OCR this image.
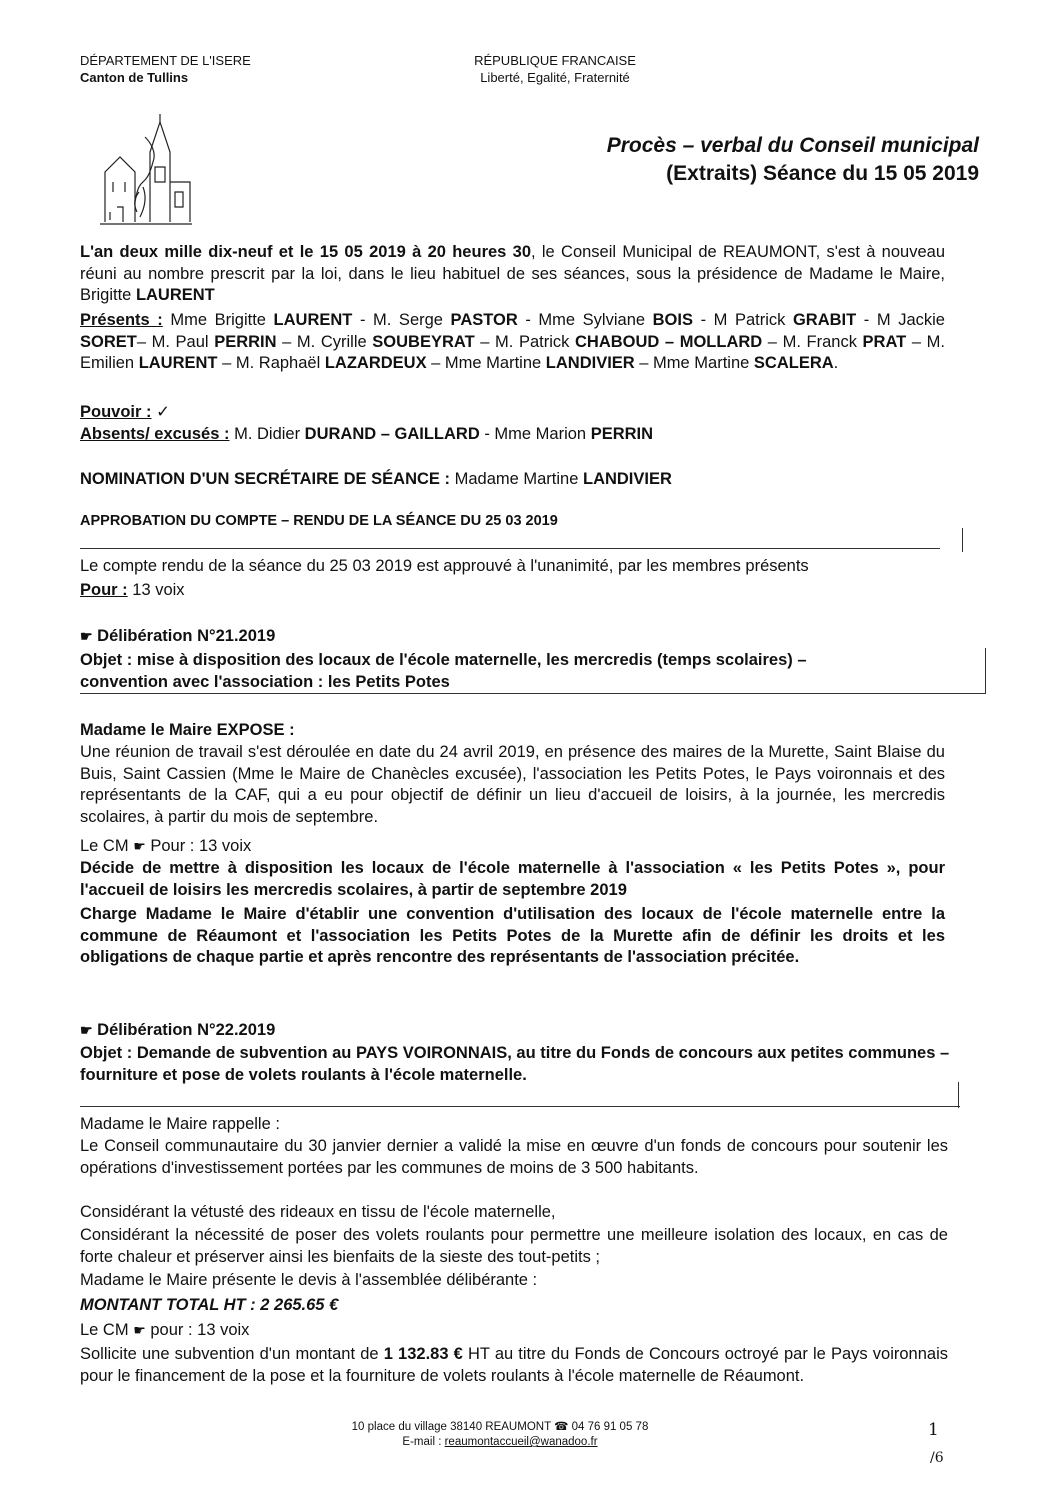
DÉPARTEMENT DE L'ISERE
Canton de Tullins
RÉPUBLIQUE FRANCAISE
Liberté, Egalité, Fraternité
Procès – verbal du Conseil municipal
(Extraits) Séance du 15 05 2019
L'an deux mille dix-neuf et le 15 05 2019 à 20 heures 30, le Conseil Municipal de REAUMONT, s'est à nouveau réuni au nombre prescrit par la loi, dans le lieu habituel de ses séances, sous la présidence de Madame le Maire, Brigitte LAURENT
Présents : Mme Brigitte LAURENT - M. Serge PASTOR - Mme Sylviane BOIS - M Patrick GRABIT - M Jackie SORET– M. Paul PERRIN – M. Cyrille SOUBEYRAT – M. Patrick CHABOUD – MOLLARD – M. Franck PRAT – M. Emilien LAURENT – M. Raphaël LAZARDEUX – Mme Martine LANDIVIER – Mme Martine SCALERA.
Pouvoir : ✓
Absents/ excusés : M. Didier DURAND – GAILLARD - Mme Marion PERRIN
NOMINATION D'UN SECRÉTAIRE DE SÉANCE : Madame Martine LANDIVIER
APPROBATION DU COMPTE – RENDU DE LA SÉANCE DU 25 03 2019
Le compte rendu de la séance du 25 03 2019 est approuvé à l'unanimité, par les membres présents
Pour : 13 voix
☛ Délibération N°21.2019
Objet : mise à disposition des locaux de l'école maternelle, les mercredis (temps scolaires) –
convention avec l'association : les Petits Potes
Madame le Maire EXPOSE :
Une réunion de travail s'est déroulée en date du 24 avril 2019, en présence des maires de la Murette, Saint Blaise du Buis, Saint Cassien (Mme le Maire de Chanècles excusée), l'association les Petits Potes, le Pays voironnais et des représentants de la CAF, qui a eu pour objectif de définir un lieu d'accueil de loisirs, à la journée, les mercredis scolaires, à partir du mois de septembre.
Le CM ☛ Pour : 13 voix
Décide de mettre à disposition les locaux de l'école maternelle à l'association « les Petits Potes », pour l'accueil de loisirs les mercredis scolaires, à partir de septembre 2019
Charge Madame le Maire d'établir une convention d'utilisation des locaux de l'école maternelle entre la commune de Réaumont et l'association les Petits Potes de la Murette afin de définir les droits et les obligations de chaque partie et après rencontre des représentants de l'association précitée.
☛ Délibération N°22.2019
Objet : Demande de subvention au PAYS VOIRONNAIS, au titre du Fonds de concours aux petites communes – fourniture et pose de volets roulants à l'école maternelle.
Madame le Maire rappelle :
Le Conseil communautaire du 30 janvier dernier a validé la mise en œuvre d'un fonds de concours pour soutenir les opérations d'investissement portées par les communes de moins de 3 500 habitants.
Considérant la vétusté des rideaux en tissu de l'école maternelle,
Considérant la nécessité de poser des volets roulants pour permettre une meilleure isolation des locaux, en cas de forte chaleur et préserver ainsi les bienfaits de la sieste des tout-petits ;
Madame le Maire présente le devis à l'assemblée délibérante :
MONTANT TOTAL HT : 2 265.65 €
Le CM ☛ pour : 13 voix
Sollicite une subvention d'un montant de 1 132.83 € HT au titre du Fonds de Concours octroyé par le Pays voironnais pour le financement de la pose et la fourniture de volets roulants à l'école maternelle de Réaumont.
10 place du village 38140 REAUMONT ☎ 04 76 91 05 78
E-mail : reaumontaccueil@wanadoo.fr
1
/6
